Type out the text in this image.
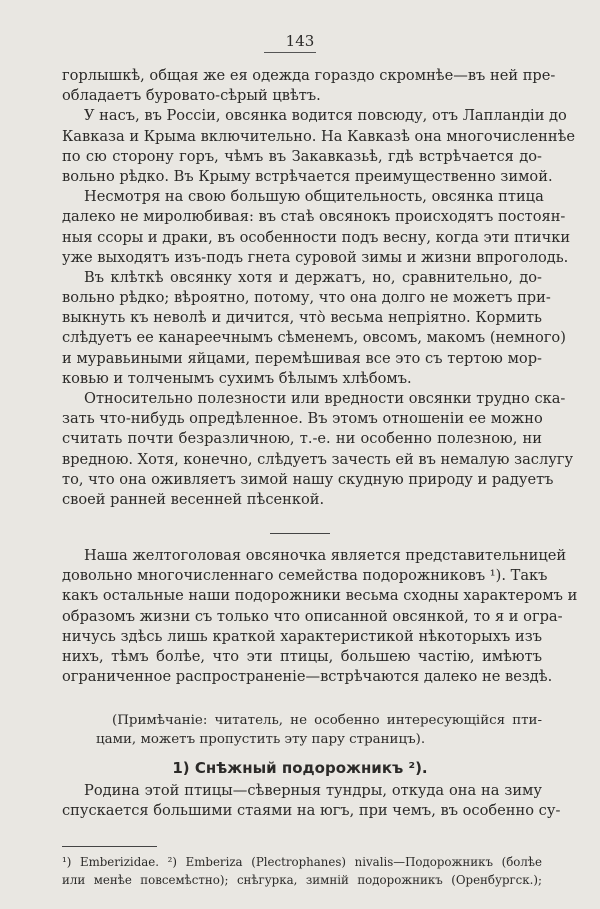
143
горлышкѣ, общая же ея одежда гораздо скромнѣе—въ ней пре-
обладаетъ буровато-сѣрый цвѣтъ.
У насъ, въ Россіи, овсянка водится повсюду, отъ Лапландіи до
Кавказа и Крыма включительно. На Кавказѣ она многочисленнѣе
по сю сторону горъ, чѣмъ въ Закавказьѣ, гдѣ встрѣчается до-
вольно рѣдко. Въ Крыму встрѣчается преимущественно зимой.
Несмотря на свою большую общительность, овсянка птица
далеко не миролюбивая: въ стаѣ овсянокъ происходятъ постоян-
ныя ссоры и драки, въ особенности подъ весну, когда эти птички
уже выходятъ изъ-подъ гнета суровой зимы и жизни впроголодь.
Въ клѣткѣ овсянку хотя и держатъ, но, сравнительно, до-
вольно рѣдко; вѣроятно, потому, что она долго не можетъ при-
выкнуть къ неволѣ и дичится, что̀ весьма непріятно. Кормить
слѣдуетъ ее канареечнымъ сѣменемъ, овсомъ, макомъ (немного)
и муравьиными яйцами, перемѣшивая все это съ тертою мор-
ковью и толченымъ сухимъ бѣлымъ хлѣбомъ.
Относительно полезности или вредности овсянки трудно ска-
зать что-нибудь опредѣленное. Въ этомъ отношеніи ее можно
считать почти безразличною, т.-е. ни особенно полезною, ни
вредною. Хотя, конечно, слѣдуетъ зачесть ей въ немалую заслугу
то, что она оживляетъ зимой нашу скудную природу и радуетъ
своей ранней весенней пѣсенкой.
Наша желтоголовая овсяночка является представительницей
довольно многочисленнаго семейства подорожниковъ ¹). Такъ
какъ остальные наши подорожники весьма сходны характеромъ и
образомъ жизни съ только что описанной овсянкой, то я и огра-
ничусь здѣсь лишь краткой характеристикой нѣкоторыхъ изъ
нихъ, тѣмъ болѣе, что эти птицы, большею частію, имѣютъ
ограниченное распространеніе—встрѣчаются далеко не вездѣ.
(Примѣчаніе: читатель, не особенно интересующійся пти-
цами, можетъ пропустить эту пару страницъ).
1) Снѣжный подорожникъ ²).
Родина этой птицы—сѣверныя тундры, откуда она на зиму
спускается большими стаями на югъ, при чемъ, въ особенно су-
¹) Emberizidae. ²) Emberiza (Plectrophanes) nivalis—Подорожникъ (болѣе
или менѣе повсемѣстно); снѣгурка, зимній подорожникъ (Оренбургск.);
